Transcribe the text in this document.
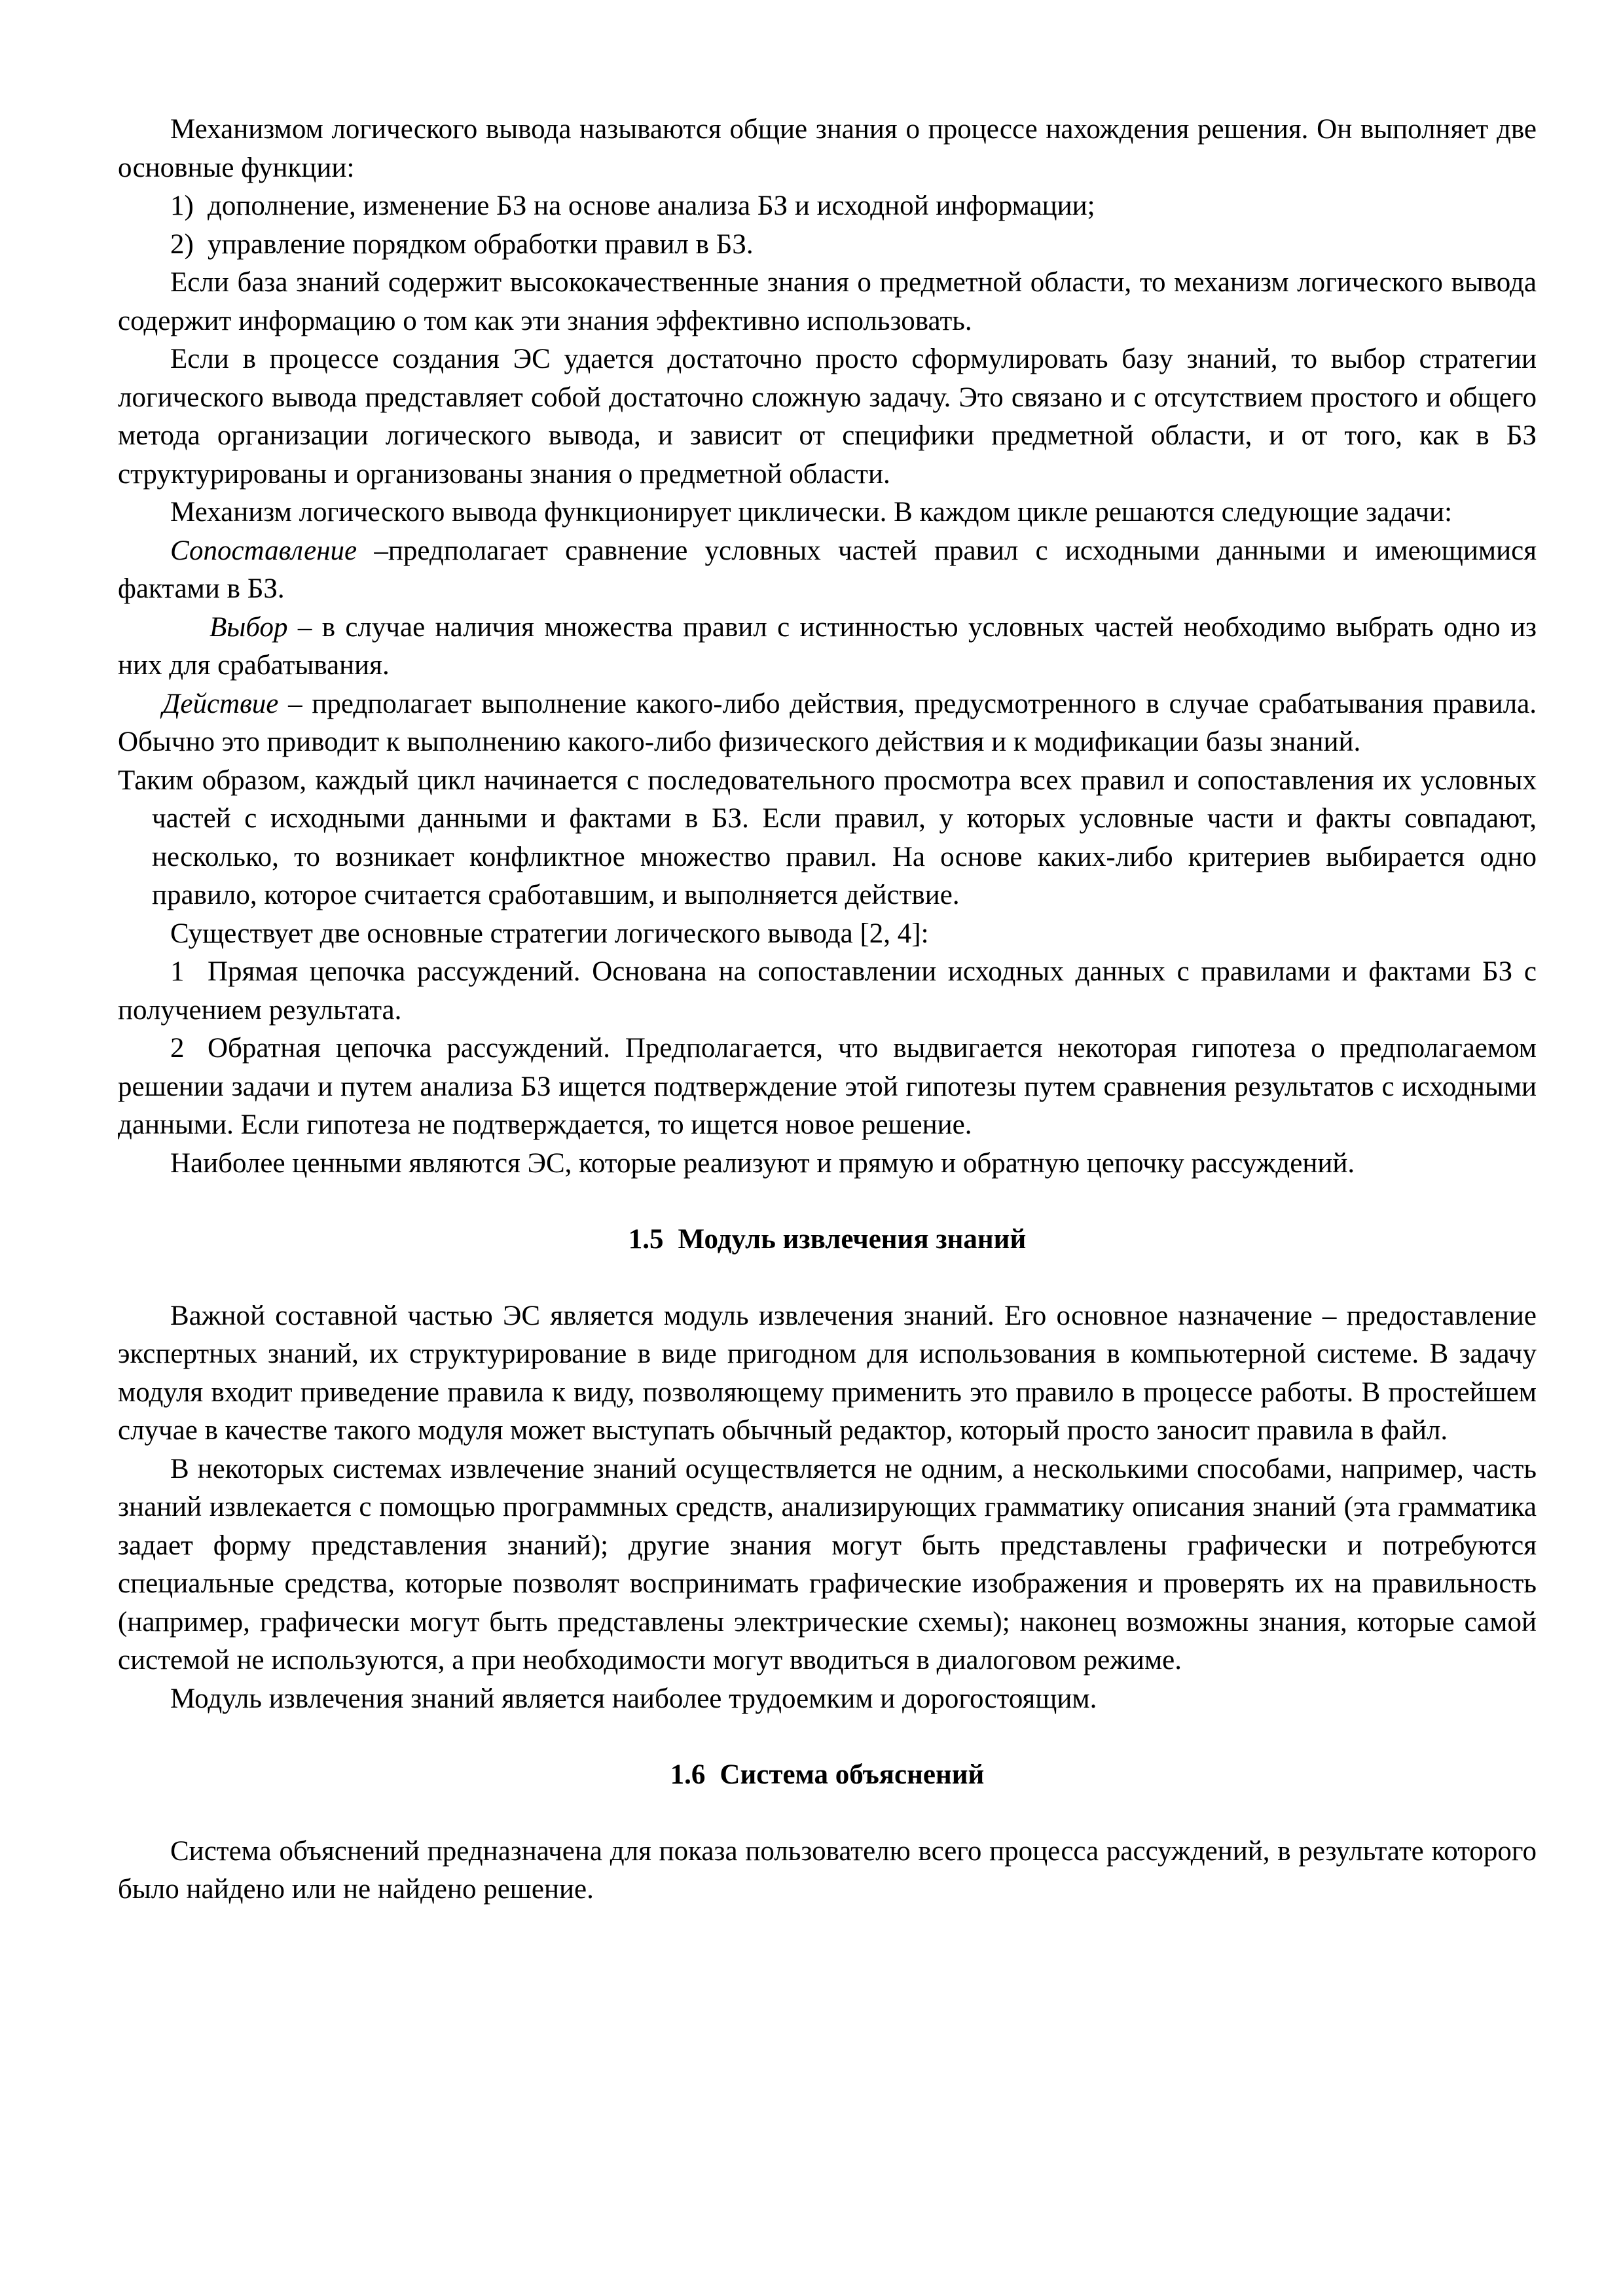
Механизмом логического вывода называются общие знания о процессе нахождения решения. Он выполняет две основные функции:

1) дополнение, изменение БЗ на основе анализа БЗ и исходной информации;

2) управление порядком обработки правил в БЗ.

Если база знаний содержит высококачественные знания о предметной области, то механизм логического вывода содержит информацию о том как эти знания эффективно использовать.

Если в процессе создания ЭС удается достаточно просто сформулировать базу знаний, то выбор стратегии логического вывода представляет собой достаточно сложную задачу. Это связано и с отсутствием простого и общего метода организации логического вывода, и зависит от специфики предметной области, и от того, как в БЗ структурированы и организованы знания о предметной области.

Механизм логического вывода функционирует циклически. В каждом цикле решаются следующие задачи:

Сопоставление –предполагает сравнение условных частей правил с исходными данными и имеющимися фактами в БЗ.

Выбор – в случае наличия множества правил с истинностью условных частей необходимо выбрать одно из них для срабатывания.

Действие – предполагает выполнение какого-либо действия, предусмотренного в случае срабатывания правила. Обычно это приводит к выполнению какого-либо физического действия и к модификации базы знаний.

Таким образом, каждый цикл начинается с последовательного просмотра всех правил и сопоставления их условных частей с исходными данными и фактами в БЗ. Если правил, у которых условные части и факты совпадают, несколько, то возникает конфликтное множество правил. На основе каких-либо критериев выбирается одно правило, которое считается сработавшим, и выполняется действие.

Существует две основные стратегии логического вывода [2, 4]:

1 Прямая цепочка рассуждений. Основана на сопоставлении исходных данных с правилами и фактами БЗ с получением результата.

2 Обратная цепочка рассуждений. Предполагается, что выдвигается некоторая гипотеза о предполагаемом решении задачи и путем анализа БЗ ищется подтверждение этой гипотезы путем сравнения результатов с исходными данными. Если гипотеза не подтверждается, то ищется новое решение.

Наиболее ценными являются ЭС, которые реализуют и прямую и обратную цепочку рассуждений.

1.5 Модуль извлечения знаний

Важной составной частью ЭС является модуль извлечения знаний. Его основное назначение – предоставление экспертных знаний, их структурирование в виде пригодном для использования в компьютерной системе. В задачу модуля входит приведение правила к виду, позволяющему применить это правило в процессе работы. В простейшем случае в качестве такого модуля может выступать обычный редактор, который просто заносит правила в файл.

В некоторых системах извлечение знаний осуществляется не одним, а несколькими способами, например, часть знаний извлекается с помощью программных средств, анализирующих грамматику описания знаний (эта грамматика задает форму представления знаний); другие знания могут быть представлены графически и потребуются специальные средства, которые позволят воспринимать графические изображения и проверять их на правильность (например, графически могут быть представлены электрические схемы); наконец возможны знания, которые самой системой не используются, а при необходимости могут вводиться в диалоговом режиме.

Модуль извлечения знаний является наиболее трудоемким и дорогостоящим.

1.6 Система объяснений

Система объяснений предназначена для показа пользователю всего процесса рассуждений, в результате которого было найдено или не найдено решение.
